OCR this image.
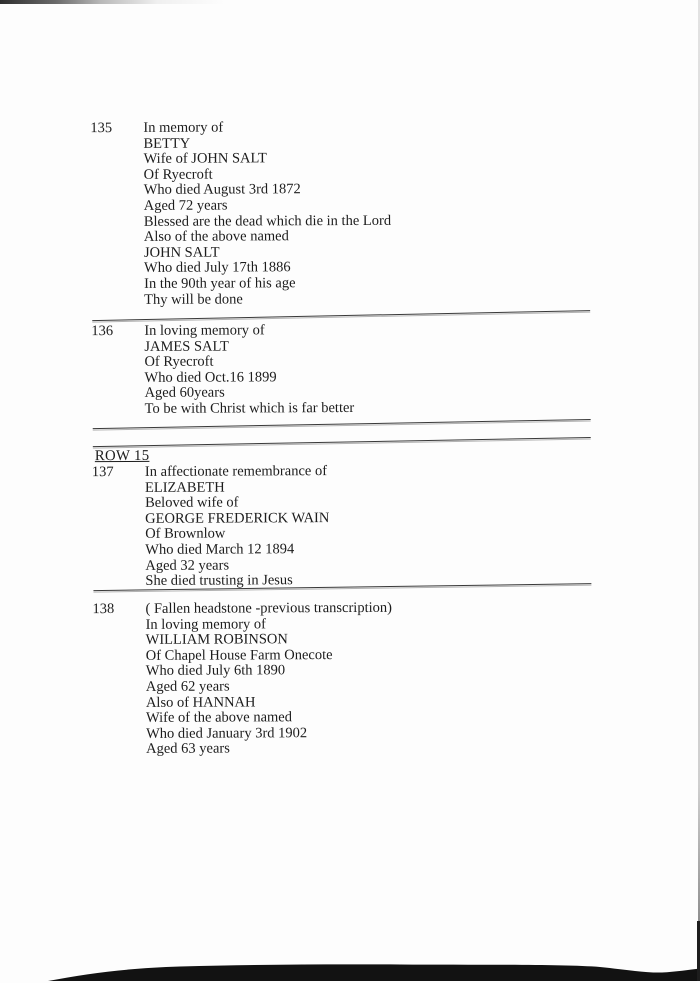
135	In memory of
BETTY
Wife of JOHN SALT
Of Ryecroft
Who died August 3rd 1872
Aged 72 years
Blessed are the dead which die in the Lord
Also of the above named
JOHN SALT
Who died July 17th 1886
In the 90th year of his age
Thy will be done
136	In loving memory of
JAMES SALT
Of Ryecroft
Who died Oct.16 1899
Aged 60years
To be with Christ which is far better
ROW 15
137	In affectionate remembrance of
ELIZABETH
Beloved wife of
GEORGE FREDERICK WAIN
Of Brownlow
Who died March 12 1894
Aged 32 years
She died trusting in Jesus
138	( Fallen headstone -previous transcription)
In loving memory of
WILLIAM ROBINSON
Of Chapel House Farm Onecote
Who died July 6th 1890
Aged 62 years
Also of HANNAH
Wife of the above named
Who died January 3rd 1902
Aged 63 years
